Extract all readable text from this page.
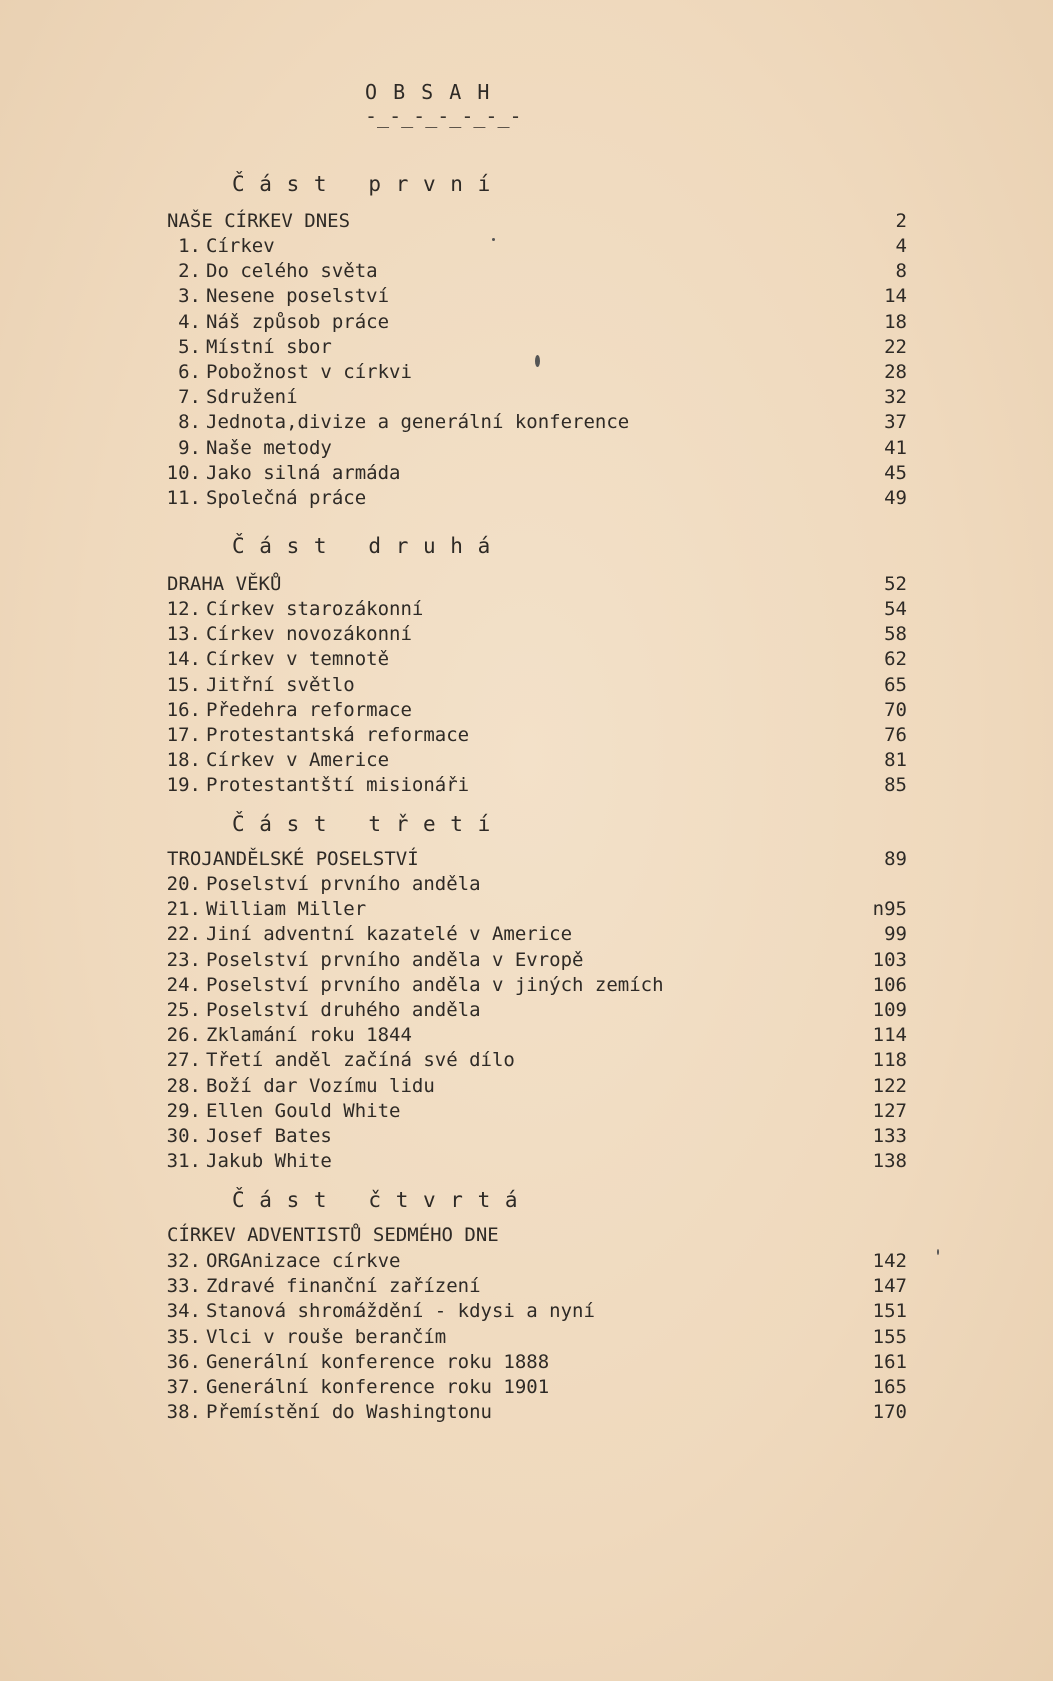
O B S A H
-_-_-_-_-_-_-
Č á s t   p r v n í
NAŠE CÍRKEV DNES	2
1. Církev	4
2. Do celého světa	8
3. Nesene poselství	14
4. Náš způsob práce	18
5. Místní sbor	22
6. Pobožnost v církvi	28
7. Sdružení	32
8. Jednota,divize a generální konference	37
9. Naše metody	41
10. Jako silná armáda	45
11. Společná práce	49
Č á s t   d r u h á
DRAHA VĚKŮ	52
12. Církev starozákonní	54
13. Církev novozákonní	58
14. Církev v temnotě	62
15. Jitřní světlo	65
16. Předehra reformace	70
17. Protestantská reformace	76
18. Církev v Americe	81
19. Protestantští misionáři	85
Č á s t   t ř e t í
TROJANDĚLSKÉ POSELSTVÍ	89
20. Poselství prvního anděla
21. William Miller	n95
22. Jiní adventní kazatelé v Americe	99
23. Poselství prvního anděla v Evropě	103
24. Poselství prvního anděla v jiných zemích	106
25. Poselství druhého anděla	109
26. Zklamání roku 1844	114
27. Třetí anděl začíná své dílo	118
28. Boží dar Vozímu lidu	122
29. Ellen Gould White	127
30. Josef Bates	133
31. Jakub White	138
Č á s t   č t v r t á
CÍRKEV ADVENTISTŮ SEDMÉHO DNE
32. ORGAnizace církve	142
33. Zdravé finanční zařízení	147
34. Stanová shromáždění - kdysi a nyní	151
35. Vlci v rouše berančím	155
36. Generální konference roku 1888	161
37. Generální konference roku 1901	165
38. Přemístění do Washingtonu	170
